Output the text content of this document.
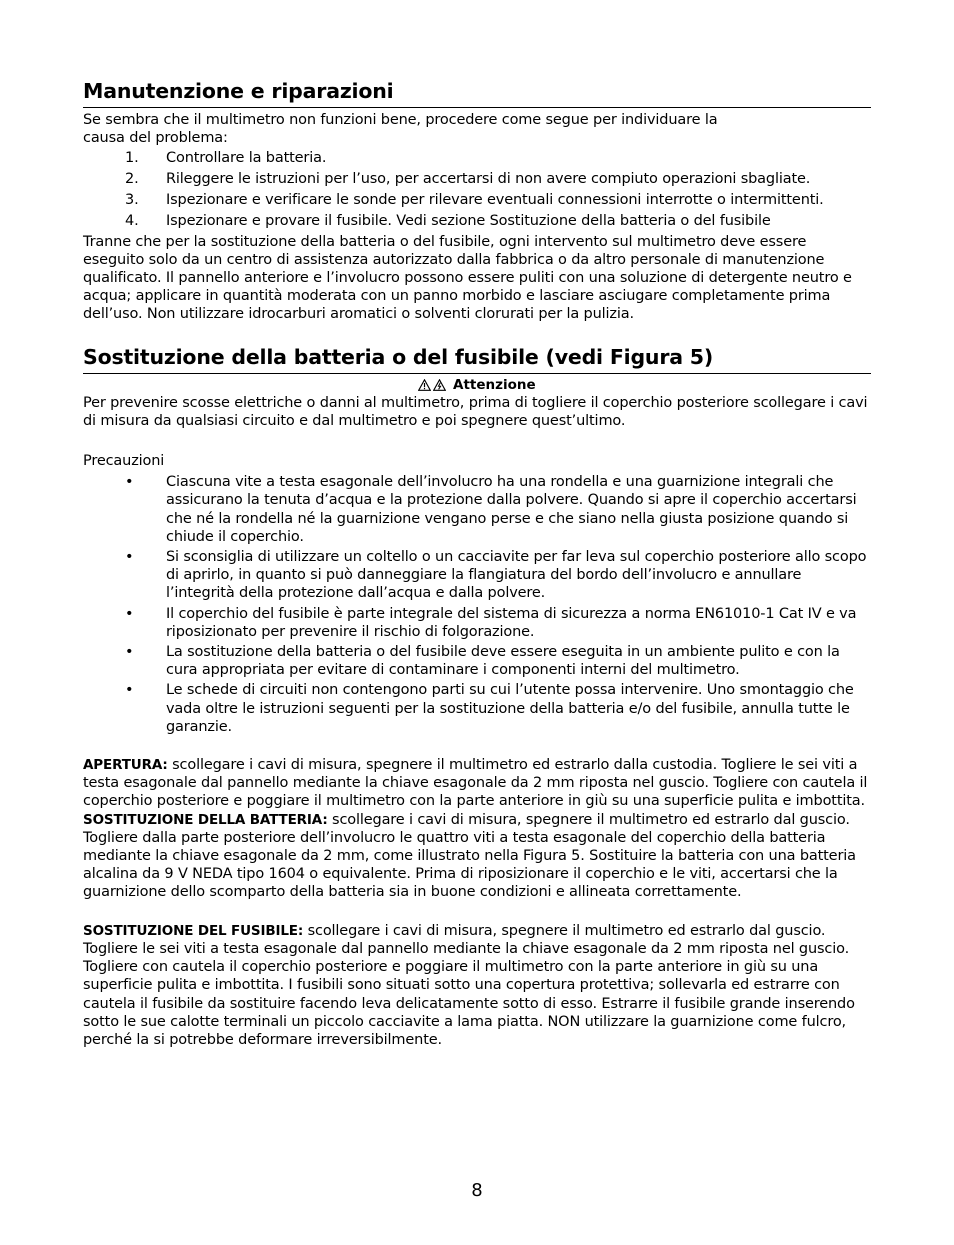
Manutenzione e riparazioni

Se sembra che il multimetro non funzioni bene, procedere come segue per individuare la causa del problema:

1. Controllare la batteria.
2. Rileggere le istruzioni per l’uso, per accertarsi di non avere compiuto operazioni sbagliate.
3. Ispezionare e verificare le sonde per rilevare eventuali connessioni interrotte o intermittenti.
4. Ispezionare e provare il fusibile. Vedi sezione Sostituzione della batteria o del fusibile

Tranne che per la sostituzione della batteria o del fusibile, ogni intervento sul multimetro deve essere eseguito solo da un centro di assistenza autorizzato dalla fabbrica o da altro personale di manutenzione qualificato. Il pannello anteriore e l’involucro possono essere puliti con una soluzione di detergente neutro e acqua; applicare in quantità moderata con un panno morbido e lasciare asciugare completamente prima dell’uso. Non utilizzare idrocarburi aromatici o solventi clorurati per la pulizia.

Sostituzione della batteria o del fusibile (vedi Figura 5)
Attenzione

Per prevenire scosse elettriche o danni al multimetro, prima di togliere il coperchio posteriore scollegare i cavi di misura da qualsiasi circuito e dal multimetro e poi spegnere quest’ultimo.

Precauzioni

• Ciascuna vite a testa esagonale dell’involucro ha una rondella e una guarnizione integrali che assicurano la tenuta d’acqua e la protezione dalla polvere. Quando si apre il coperchio accertarsi che né la rondella né la guarnizione vengano perse e che siano nella giusta posizione quando si chiude il coperchio.
• Si sconsiglia di utilizzare un coltello o un cacciavite per far leva sul coperchio posteriore allo scopo di aprirlo, in quanto si può danneggiare la flangiatura del bordo dell’involucro e annullare l’integrità della protezione dall’acqua e dalla polvere.
• Il coperchio del fusibile è parte integrale del sistema di sicurezza a norma EN61010-1 Cat IV e va riposizionato per prevenire il rischio di folgorazione.
• La sostituzione della batteria o del fusibile deve essere eseguita in un ambiente pulito e con la cura appropriata per evitare di contaminare i componenti interni del multimetro.
• Le schede di circuiti non contengono parti su cui l’utente possa intervenire. Uno smontaggio che vada oltre le istruzioni seguenti per la sostituzione della batteria e/o del fusibile, annulla tutte le garanzie.

APERTURA: scollegare i cavi di misura, spegnere il multimetro ed estrarlo dalla custodia. Togliere le sei viti a testa esagonale dal pannello mediante la chiave esagonale da 2 mm riposta nel guscio. Togliere con cautela il coperchio posteriore e poggiare il multimetro con la parte anteriore in giù su una superficie pulita e imbottita.

SOSTITUZIONE DELLA BATTERIA: scollegare i cavi di misura, spegnere il multimetro ed estrarlo dal guscio. Togliere dalla parte posteriore dell’involucro le quattro viti a testa esagonale del coperchio della batteria mediante la chiave esagonale da 2 mm, come illustrato nella Figura 5. Sostituire la batteria con una batteria alcalina da 9 V NEDA tipo 1604 o equivalente. Prima di riposizionare il coperchio e le viti, accertarsi che la guarnizione dello scomparto della batteria sia in buone condizioni e allineata correttamente.

SOSTITUZIONE DEL FUSIBILE: scollegare i cavi di misura, spegnere il multimetro ed estrarlo dal guscio. Togliere le sei viti a testa esagonale dal pannello mediante la chiave esagonale da 2 mm riposta nel guscio. Togliere con cautela il coperchio posteriore e poggiare il multimetro con la parte anteriore in giù su una superficie pulita e imbottita. I fusibili sono situati sotto una copertura protettiva; sollevarla ed estrarre con cautela il fusibile da sostituire facendo leva delicatamente sotto di esso. Estrarre il fusibile grande inserendo sotto le sue calotte terminali un piccolo cacciavite a lama piatta. NON utilizzare la guarnizione come fulcro, perché la si potrebbe deformare irreversibilmente.

8
